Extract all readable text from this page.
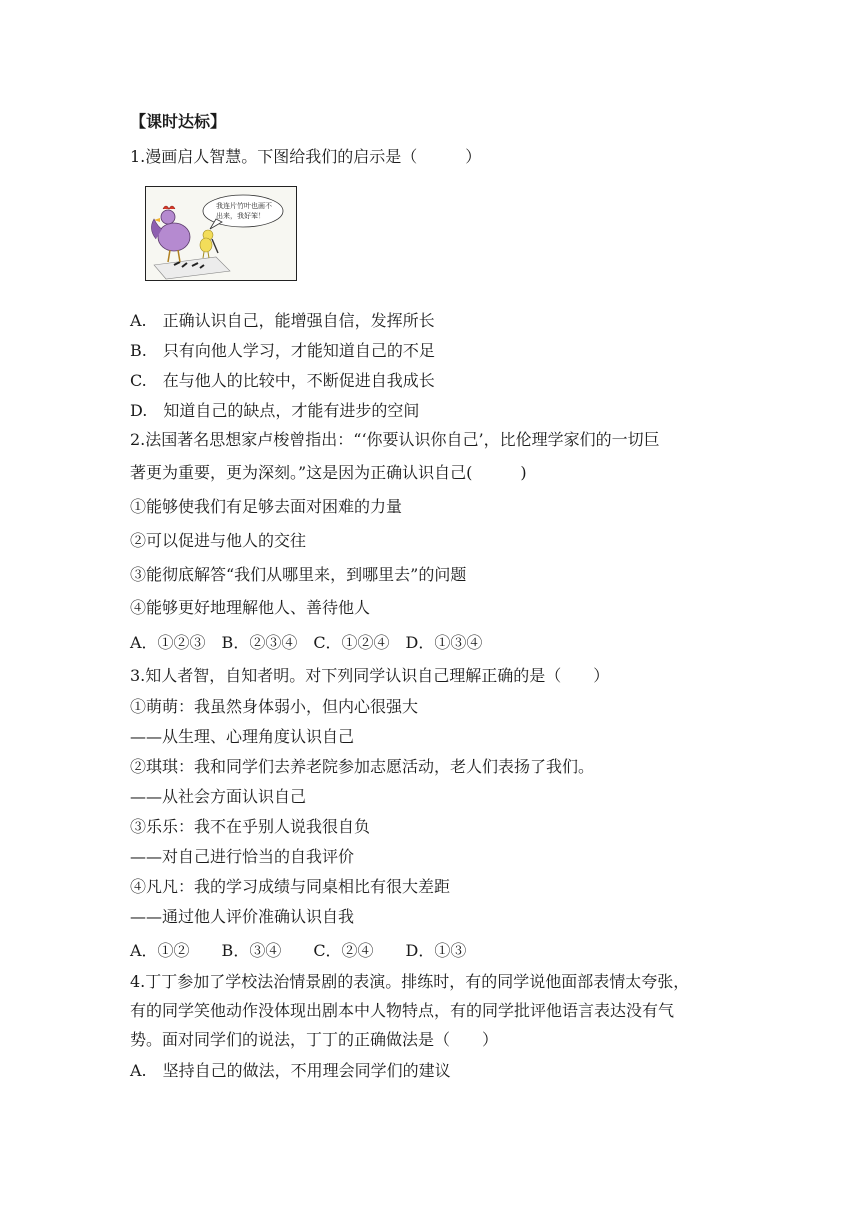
【课时达标】
1.漫画启人智慧。下图给我们的启示是（　　　）
我连片竹叶也画不
出来，我好笨！
A.　正确认识自己，能增强自信，发挥所长
B.　只有向他人学习，才能知道自己的不足
C.　在与他人的比较中，不断促进自我成长
D.　知道自己的缺点，才能有进步的空间
2.法国著名思想家卢梭曾指出：“‘你要认识你自己’，比伦理学家们的一切巨
著更为重要，更为深刻。”这是因为正确认识自己(　　　)
①能够使我们有足够去面对困难的力量
②可以促进与他人的交往
③能彻底解答“我们从哪里来，到哪里去”的问题
④能够更好地理解他人、善待他人
A．①②③　B．②③④　C．①②④　D．①③④
3.知人者智，自知者明。对下列同学认识自己理解正确的是（　　）
①萌萌：我虽然身体弱小，但内心很强大
——从生理、心理角度认识自己
②琪琪：我和同学们去养老院参加志愿活动，老人们表扬了我们。
——从社会方面认识自己
③乐乐：我不在乎别人说我很自负
——对自己进行恰当的自我评价
④凡凡：我的学习成绩与同桌相比有很大差距
——通过他人评价准确认识自我
A．①②　　B．③④　　C．②④　　D．①③
4.丁丁参加了学校法治情景剧的表演。排练时，有的同学说他面部表情太夸张，
有的同学笑他动作没体现出剧本中人物特点，有的同学批评他语言表达没有气
势。面对同学们的说法，丁丁的正确做法是（　　）
A.　坚持自己的做法，不用理会同学们的建议
